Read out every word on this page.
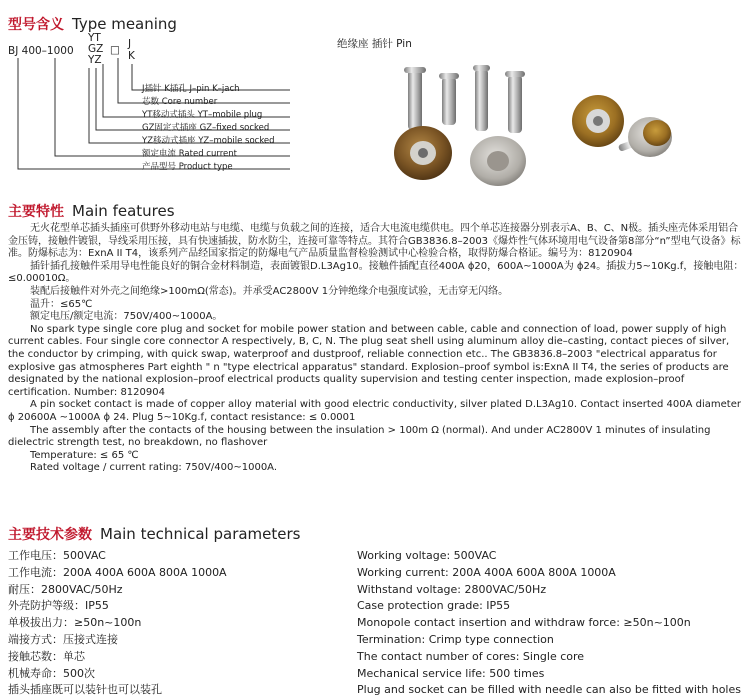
型号含义 Type meaning
BJ 400–1000
YT
GZ
YZ
□ J
K
J插针 K插孔 J–pin K–jach
芯数 Core number
YT移动式插头 YT–mobile plug
GZ固定式插座 GZ–fixed socked
YZ移动式插座 YZ–mobile socked
额定电流 Rated current
产品型号 Product type
绝缘座 插针 Pin
主要特性 Main features

无火花型单芯插头插座可供野外移动电站与电缆、电缆与负载之间的连接，适合大电流电缆供电。四个单芯连接器分别表示A、B、C、N极。插头座壳体采用铝合金压铸，接触件镀银，导线采用压接，具有快速插拔，防水防尘，连接可靠等特点。其符合GB3836.8–2003《爆炸性气体环境用电气设备第8部分“n”型电气设备》标准。防爆标志为：ExnA II T4，该系列产品经国家指定的防爆电气产品质量监督检验测试中心检验合格，取得防爆合格证。编号为：8120904

插针插孔接触件采用导电性能良好的铜合金材料制造，表面镀银D.L3Ag10。接触件插配直径400A ϕ20，600A~1000A为 ϕ24。插拔力5~10Kg.f，接触电阻：≤0.00010Ω。

装配后接触件对外壳之间绝缘>100mΩ(常态)。并承受AC2800V 1分钟绝缘介电强度试验，无击穿无闪络。

温升：≤65℃

额定电压/额定电流：750V/400~1000A。

No spark type single core plug and socket for mobile power station and between cable, cable and connection of load, power supply of high current cables. Four single core connector A respectively, B, C, N. The plug seat shell using aluminum alloy die–casting, contact pieces of silver, the conductor by crimping, with quick swap, waterproof and dustproof, reliable connection etc.. The GB3836.8–2003 "electrical apparatus for explosive gas atmospheres Part eighth " n "type electrical apparatus" standard. Explosion–proof symbol is:ExnA II T4, the series of products are designated by the national explosion–proof electrical products quality supervision and testing center inspection, made explosion–proof certification. Number: 8120904

A pin socket contact is made of copper alloy material with good electric conductivity, silver plated D.L3Ag10. Contact inserted 400A diameter ϕ 20600A ~1000A ϕ 24. Plug 5~10Kg.f, contact resistance: ≤ 0.0001

The assembly after the contacts of the housing between the insulation > 100m Ω (normal). And under AC2800V 1 minutes of insulating dielectric strength test, no breakdown, no flashover

Temperature: ≤ 65 ℃

Rated voltage / current rating: 750V/400~1000A.

主要技术参数 Main technical parameters
工作电压：500VAC
工作电流：200A 400A 600A 800A 1000A
耐压：2800VAC/50Hz
外壳防护等级：IP55
单极拔出力：≥50n~100n
端接方式：压接式连接
接触芯数：单芯
机械寿命：500次
插头插座既可以装针也可以装孔
Working voltage: 500VAC
Working current: 200A 400A 600A 800A 1000A
Withstand voltage: 2800VAC/50Hz
Case protection grade: IP55
Monopole contact insertion and withdraw force: ≥50n~100n
Termination: Crimp type connection
The contact number of cores: Single core
Mechanical service life: 500 times
Plug and socket can be filled with needle can also be fitted with holes
